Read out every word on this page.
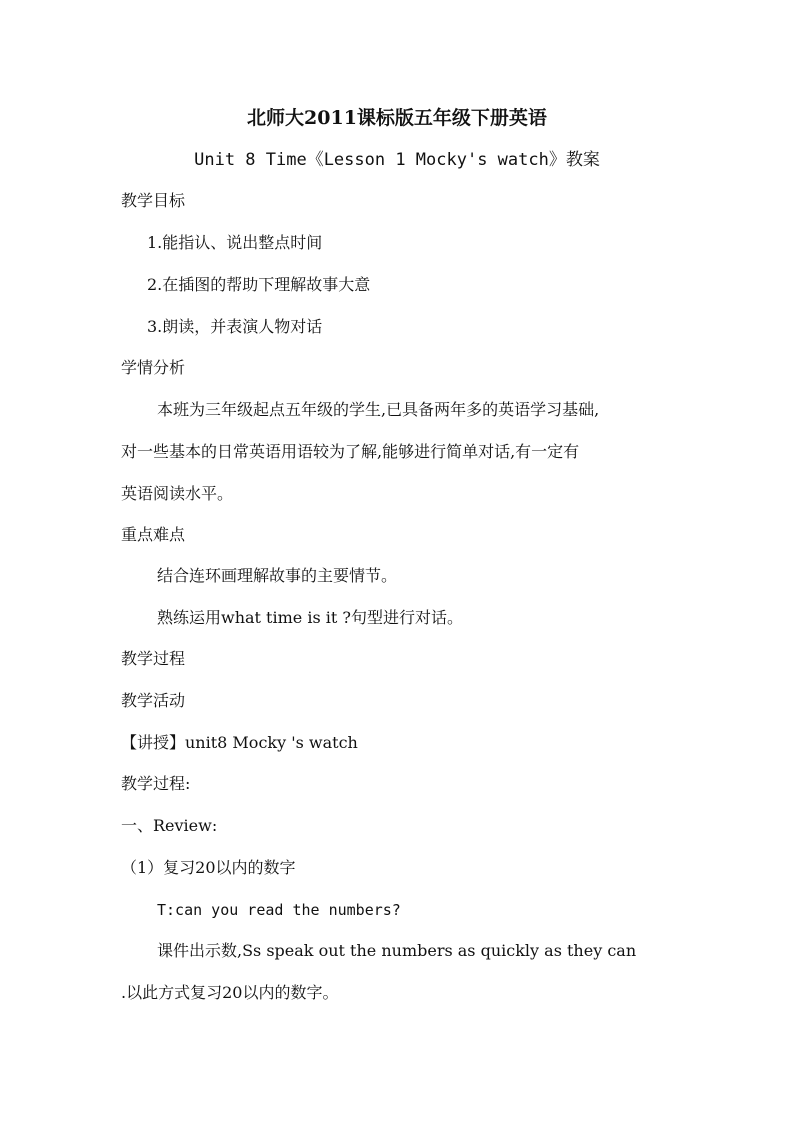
北师大2011课标版五年级下册英语
Unit 8 Time《Lesson 1 Mocky's watch》教案
教学目标
1.能指认、说出整点时间
2.在插图的帮助下理解故事大意
3.朗读，并表演人物对话
学情分析
本班为三年级起点五年级的学生,已具备两年多的英语学习基础,
对一些基本的日常英语用语较为了解,能够进行简单对话,有一定有
英语阅读水平。
重点难点
结合连环画理解故事的主要情节。
熟练运用what time is it ?句型进行对话。
教学过程
教学活动
【讲授】unit8 Mocky 's watch
教学过程:
一、Review:
（1）复习20以内的数字
T:can you read the numbers?
课件出示数,Ss speak out the numbers as quickly as they can
.以此方式复习20以内的数字。
